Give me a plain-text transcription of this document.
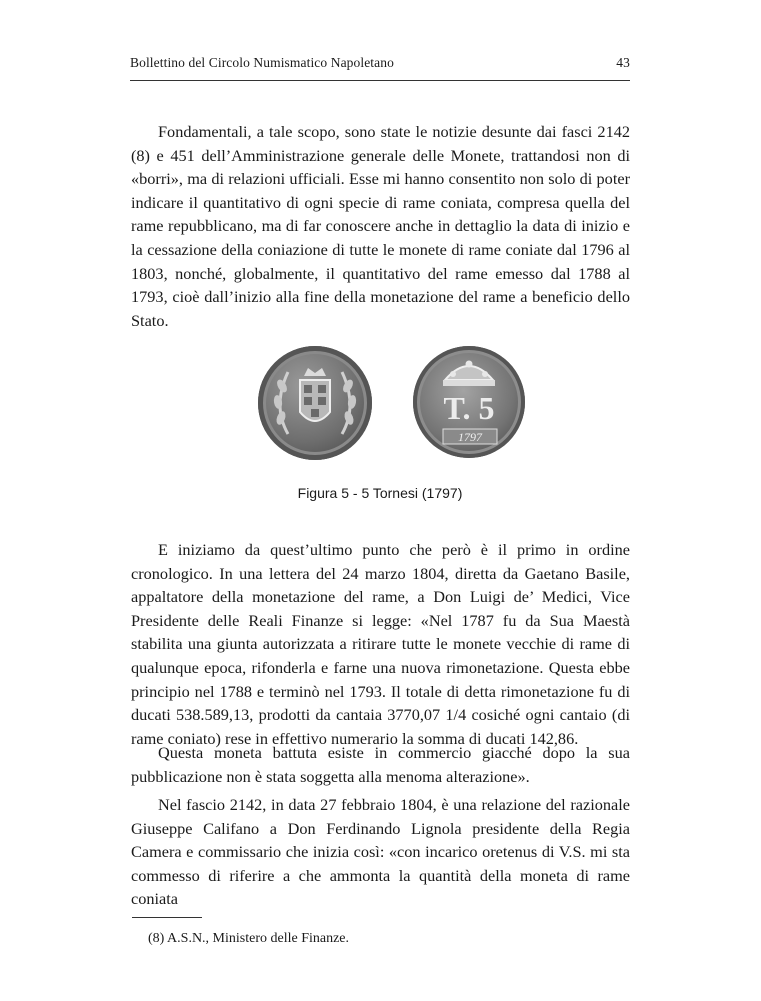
Bollettino del Circolo Numismatico Napoletano	43

Fondamentali, a tale scopo, sono state le notizie desunte dai fasci 2142 (8) e 451 dell’Amministrazione generale delle Monete, trattandosi non di «borri», ma di relazioni ufficiali. Esse mi hanno consentito non solo di poter indicare il quantitativo di ogni specie di rame coniata, compresa quella del rame repubblicano, ma di far conoscere anche in dettaglio la data di inizio e la cessazione della coniazione di tutte le monete di rame coniate dal 1796 al 1803, nonché, globalmente, il quantitativo del rame emesso dal 1788 al 1793, cioè dall’inizio alla fine della monetazione del rame a beneficio dello Stato.

T. 5
1797
Figura 5 - 5 Tornesi (1797)

E iniziamo da quest’ultimo punto che però è il primo in ordine cronologico. In una lettera del 24 marzo 1804, diretta da Gaetano Basile, appaltatore della monetazione del rame, a Don Luigi de’ Medici, Vice Presidente delle Reali Finanze si legge: «Nel 1787 fu da Sua Maestà stabilita una giunta autorizzata a ritirare tutte le monete vecchie di rame di qualunque epoca, rifonderla e farne una nuova rimonetazione. Questa ebbe principio nel 1788 e terminò nel 1793. Il totale di detta rimonetazione fu di ducati 538.589,13, prodotti da cantaia 3770,07 1/4 cosiché ogni cantaio (di rame coniato) rese in effettivo numerario la somma di ducati 142,86.

Questa moneta battuta esiste in commercio giacché dopo la sua pubblicazione non è stata soggetta alla menoma alterazione».

Nel fascio 2142, in data 27 febbraio 1804, è una relazione del razionale Giuseppe Califano a Don Ferdinando Lignola presidente della Regia Camera e commissario che inizia così: «con incarico oretenus di V.S. mi sta commesso di riferire a che ammonta la quantità della moneta di rame coniata

(8) A.S.N., Ministero delle Finanze.
